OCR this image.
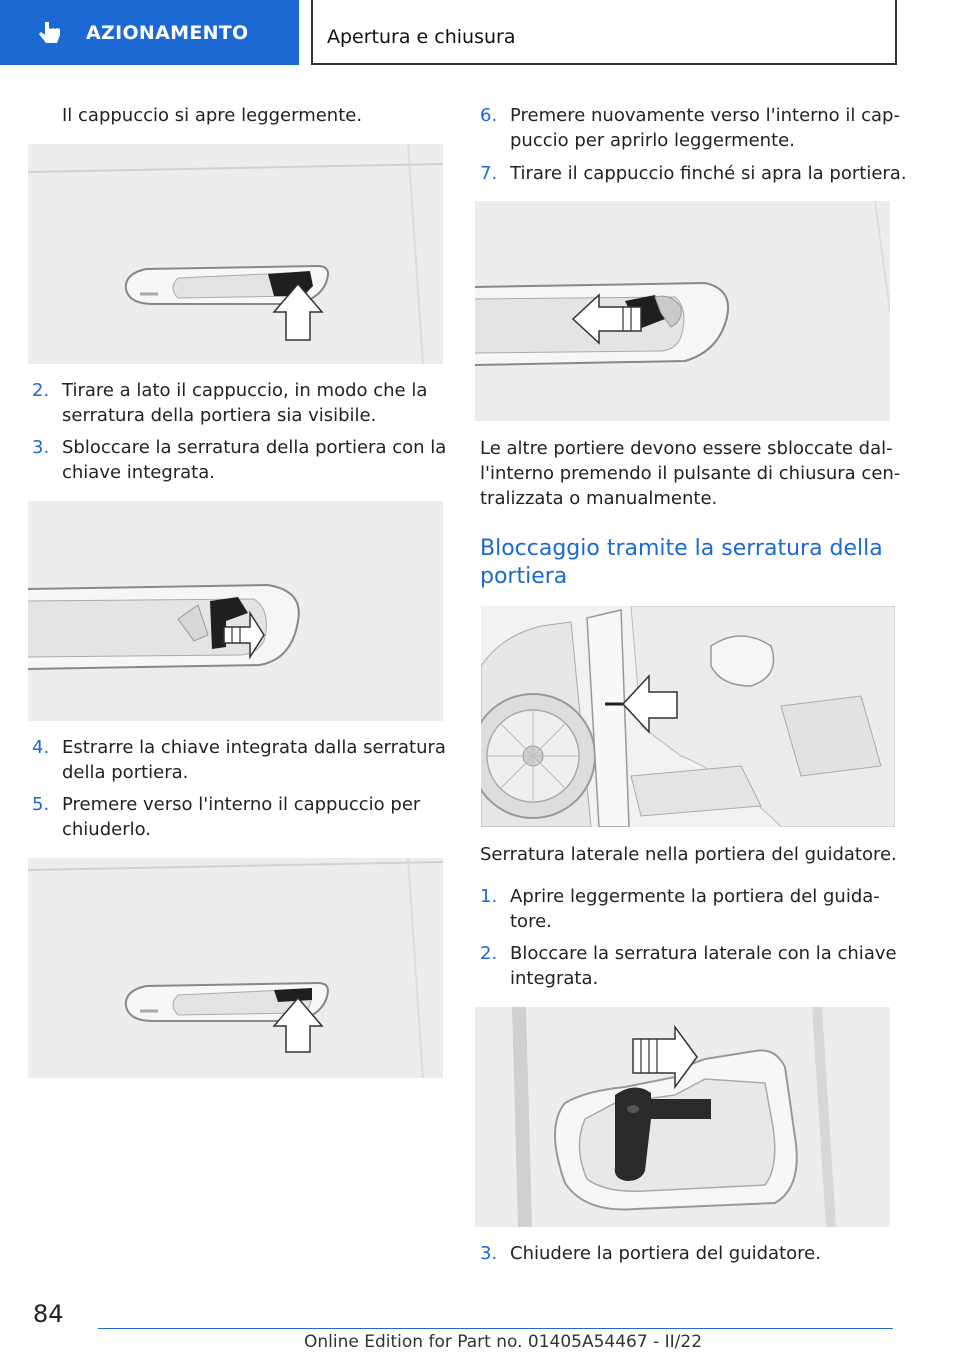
AZIONAMENTO	Apertura e chiusura
Il cappuccio si apre leggermente.
2. Tirare a lato il cappuccio, in modo che la
serratura della portiera sia visibile.
3. Sbloccare la serratura della portiera con la
chiave integrata.
4. Estrarre la chiave integrata dalla serratura
della portiera.
5. Premere verso l'interno il cappuccio per
chiuderlo.
6. Premere nuovamente verso l'interno il cap‐
puccio per aprirlo leggermente.
7. Tirare il cappuccio finché si apra la portiera.
Le altre portiere devono essere sbloccate dal‐
l'interno premendo il pulsante di chiusura cen‐
tralizzata o manualmente.
Bloccaggio tramite la serratura della
portiera
Serratura laterale nella portiera del guidatore.
1. Aprire leggermente la portiera del guida‐
tore.
2. Bloccare la serratura laterale con la chiave
integrata.
3. Chiudere la portiera del guidatore.
84
Online Edition for Part no. 01405A54467 - II/22
